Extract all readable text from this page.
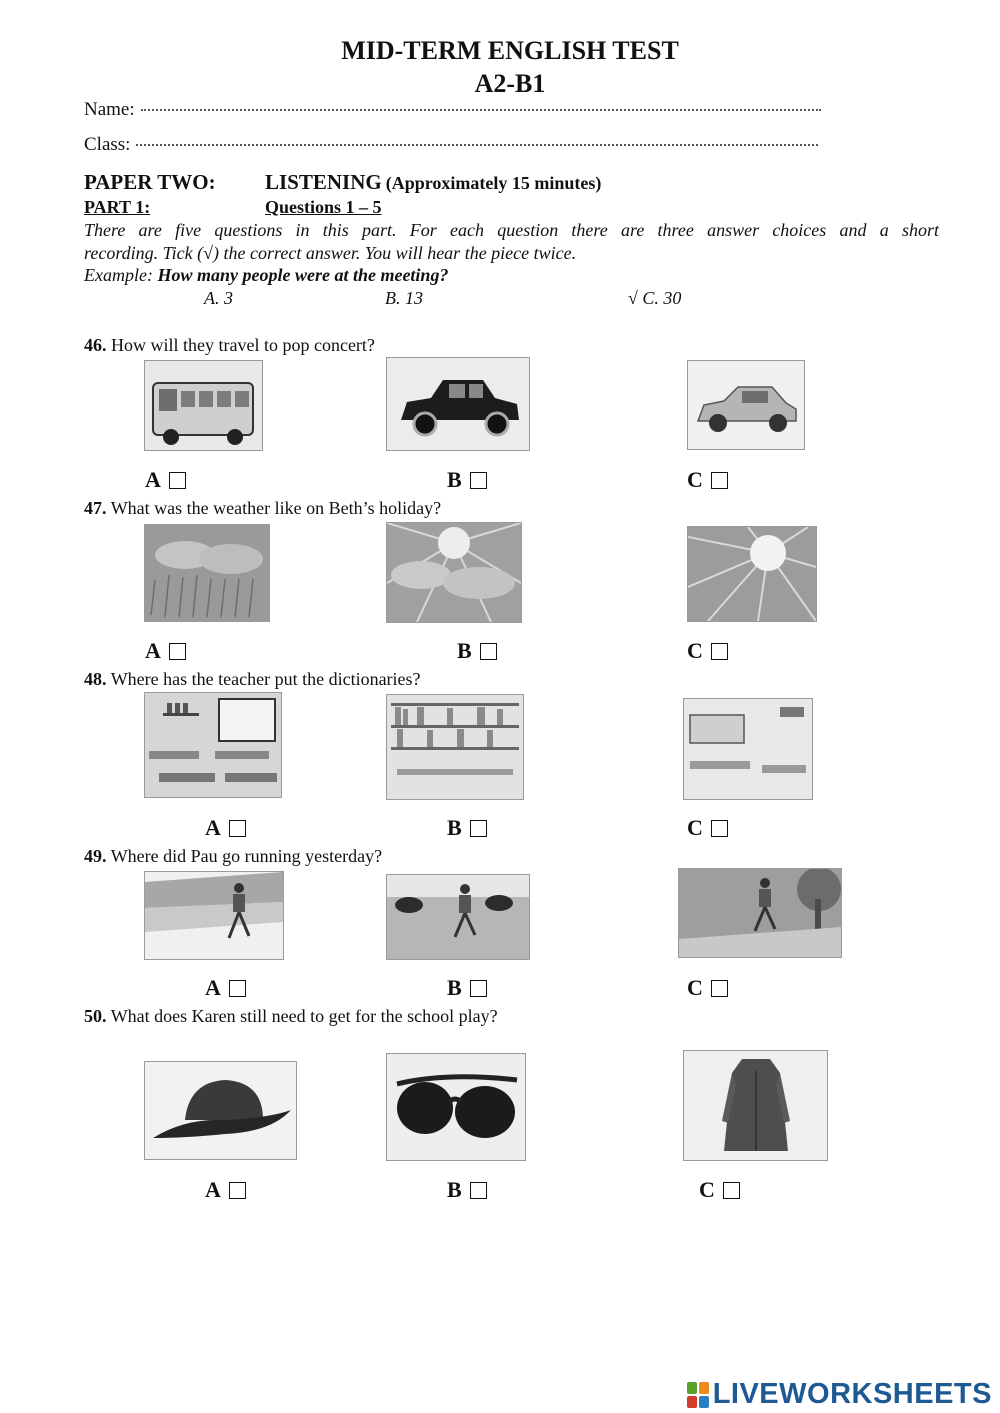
MID-TERM ENGLISH TEST
A2-B1
Name:
Class:
PAPER TWO: LISTENING (Approximately 15 minutes)
PART 1:	Questions 1 – 5
There are five questions in this part. For each question there are three answer choices and a short
recording. Tick (√) the correct answer. You will hear the piece twice.
Example: How many people were at the meeting?
A. 3	B. 13	√ C. 30
46. How will they travel to pop concert?
A	B	C
47. What was the weather like on Beth’s holiday?
A	B	C
48. Where has the teacher put the dictionaries?
A	B	C
49. Where did Pau go running yesterday?
A	B	C
50. What does Karen still need to get for the school play?
A	B	C
LIVEWORKSHEETS
